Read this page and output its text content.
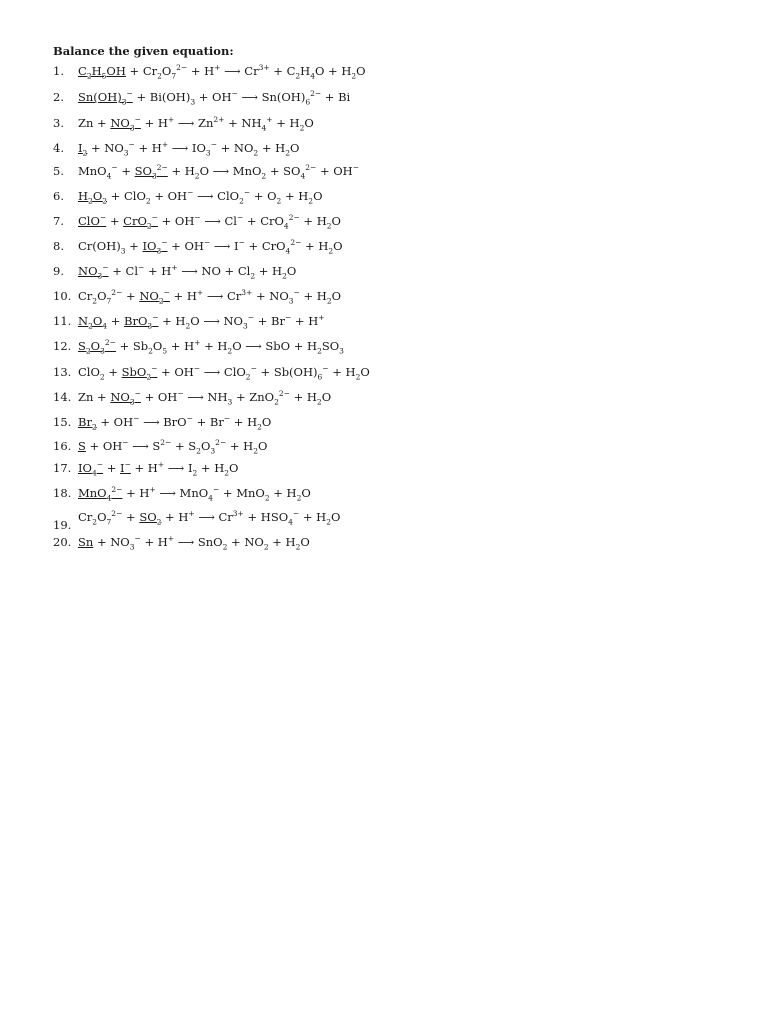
Balance the given equation:
1. $C_2H_5OH + Cr_2O_7^{2-} + H^+$ ⟶ $Cr^{3+} + C_2H_4O + H_2O$
2. $Sn(OH)_3^- + Bi(OH)_3 + OH^-$ ⟶ $Sn(OH)_6^{2-} + Bi$
3. $Zn + NO_3^- + H^+$ ⟶ $Zn^{2+} + NH_4^+ + H_2O$
4. $I_2 + NO_3^- + H^+$ ⟶ $IO_3^- + NO_2 + H_2O$
5. $MnO_4^- + SO_3^{2-} + H_2O$ ⟶ $MnO_2 + SO_4^{2-} + OH^-$
6. $H_2O_2 + ClO_2 + OH^-$ ⟶ $ClO_2^- + O_2 + H_2O$
7. ClO− + CrO$_2$− + OH− ⟶ $Cl^- + CrO_4^{2-} + H_2O$
8. $Cr(OH)_3 + IO_3^- + OH^-$ ⟶ $I^- + CrO_4^{2-} + H_2O$
9. $NO_3^- + Cl^- + H^+$ ⟶ NO + $Cl_2 + H_2O$
10. $Cr_2O_7^{2-} + NO_2^- + H^+$ ⟶ $Cr^{3+} + NO_3^- + H_2O$
11. $N_2O_4 + BrO_3^- + H_2O$ ⟶ $NO_3^- + Br^- + H^+$
12. $S_2O_3^{2-} + Sb_2O_5 + H^+ + H_2O$ ⟶ SbO + $H_2SO_3$
13. ClO$_2$ + SbO$_2$− + OH− ⟶ $ClO_2^- + Sb(OH)_6^- + H_2O$
14. $Zn + NO_3^- + OH^-$ ⟶ $NH_3 + ZnO_2^{2-} + H_2O$
15. $Br_2 + OH^-$ ⟶ $BrO^- + Br^- + H_2O$
16. S + OH− ⟶ $S^{2-} + S_2O_3^{2-} + H_2O$
17. $IO_4^- + I^- + H^+$ ⟶ $I_2 + H_2O$
18. MnO$_4^{2-}$ + H+ ⟶ $MnO_4^- + MnO_2 + H_2O$
$Cr_2O_7^{2-} + SO_2 + H^+$ ⟶ $Cr^{3+} + HSO_4^- + H_2O$
19.
20. $Sn + NO_3^- + H^+$ ⟶ $SnO_2 + NO_2 + H_2O$
